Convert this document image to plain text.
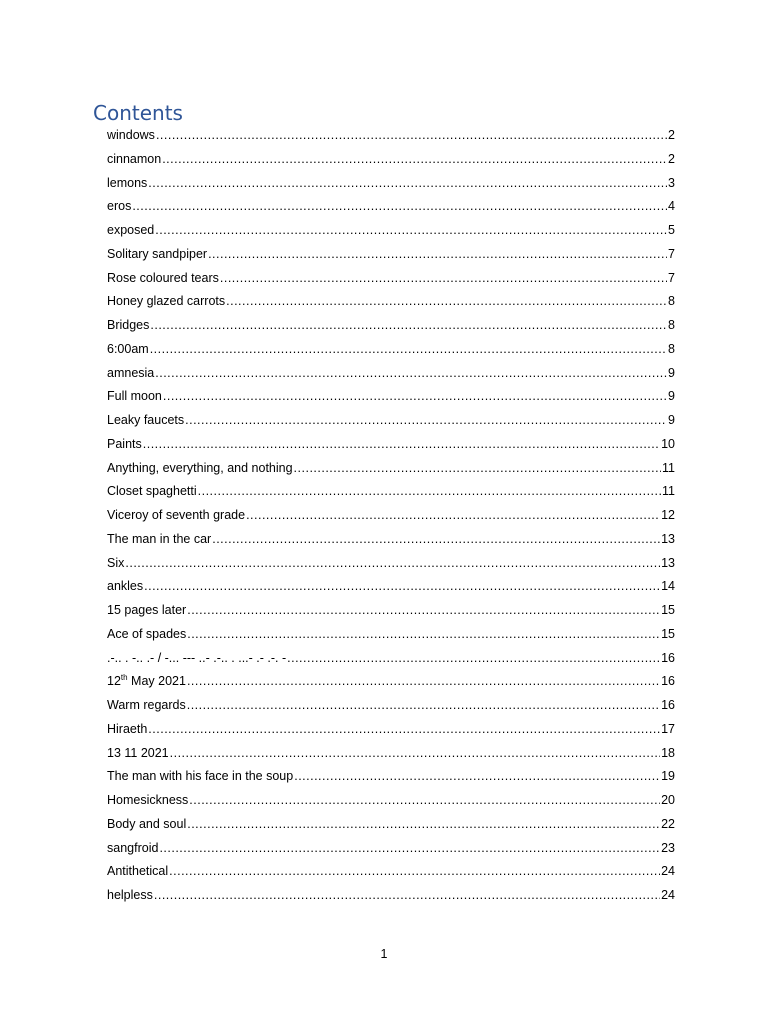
Contents
windows .....	2
cinnamon .....	2
lemons .....	3
eros .....	4
exposed .....	5
Solitary sandpiper .....	7
Rose coloured tears .....	7
Honey glazed carrots .....	8
Bridges .....	8
6:00am .....	8
amnesia .....	9
Full moon .....	9
Leaky faucets .....	9
Paints .....	10
Anything, everything, and nothing .....	11
Closet spaghetti .....	11
Viceroy of seventh grade .....	12
The man in the car .....	13
Six .....	13
ankles .....	14
15 pages later .....	15
Ace of spades .....	15
.-.. . -.. .- / -... --- ..- .-.. . ...- .- .-. - .....	16
12th May 2021 .....	16
Warm regards .....	16
Hiraeth .....	17
13 11 2021 .....	18
The man with his face in the soup .....	19
Homesickness .....	20
Body and soul .....	22
sangfroid .....	23
Antithetical .....	24
helpless .....	24
1
